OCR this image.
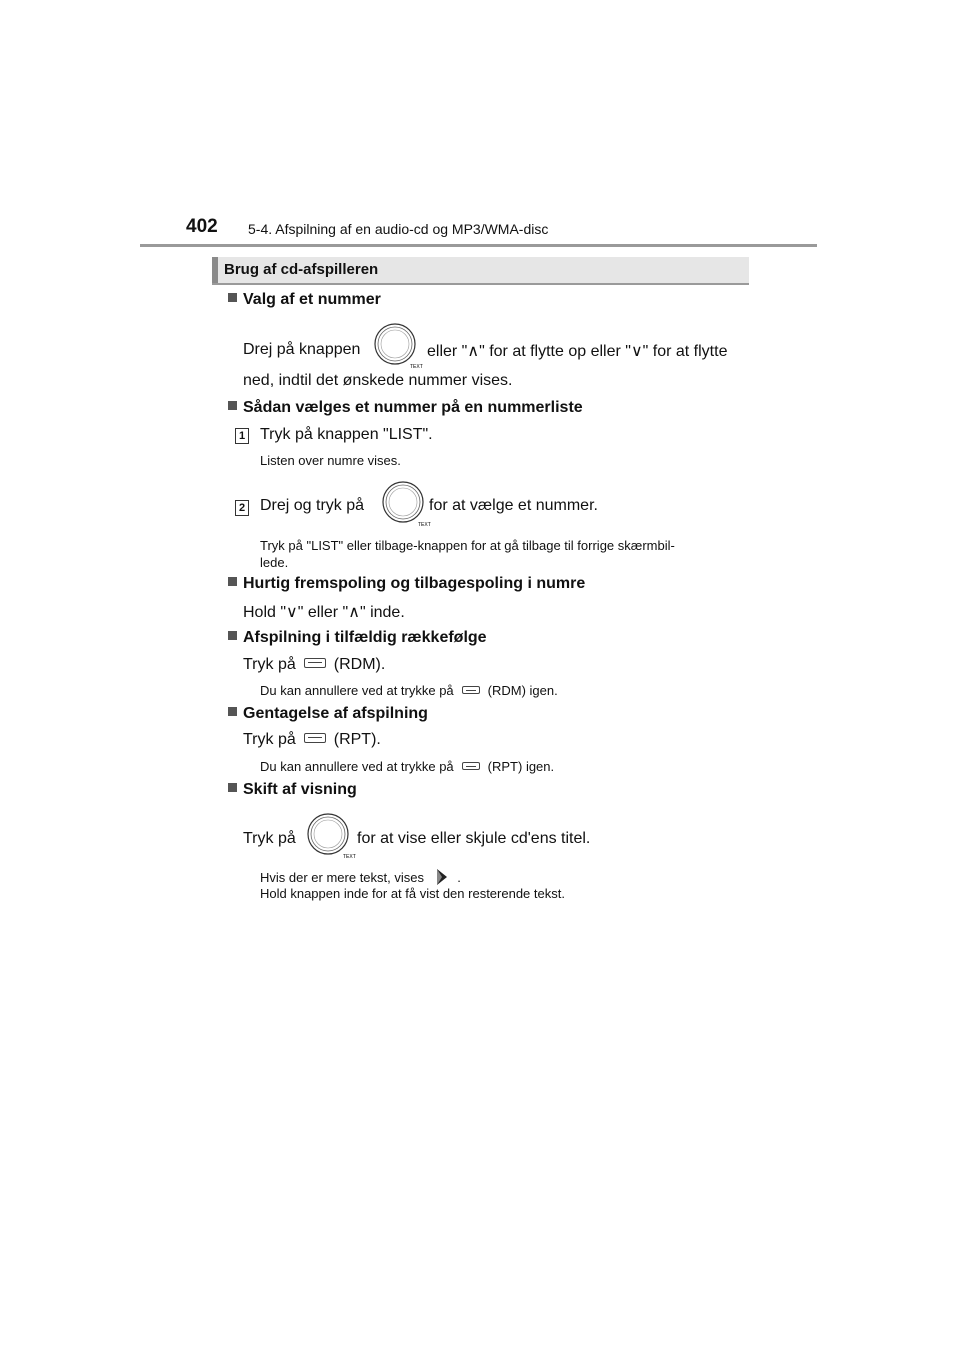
402 5-4. Afspilning af en audio-cd og MP3/WMA-disc
Brug af cd-afspilleren
Valg af et nummer
Drej på knappen
TEXT
eller "∧" for at flytte op eller "∨" for at flytte
ned, indtil det ønskede nummer vises.
Sådan vælges et nummer på en nummerliste
1 Tryk på knappen "LIST".
Listen over numre vises.
2 Drej og tryk på
TEXT
for at vælge et nummer.
Tryk på "LIST" eller tilbage-knappen for at gå tilbage til forrige skærmbil-
lede.
Hurtig fremspoling og tilbagespoling i numre
Hold "∨" eller "∧" inde.
Afspilning i tilfældig rækkefølge
Tryk på (RDM).
Du kan annullere ved at trykke på	(RDM) igen.
Gentagelse af afspilning
Tryk på (RPT).
Du kan annullere ved at trykke på	(RPT) igen.
Skift af visning
Tryk på
TEXT
for at vise eller skjule cd'ens titel.
Hvis der er mere tekst, vises	.
Hold knappen inde for at få vist den resterende tekst.
